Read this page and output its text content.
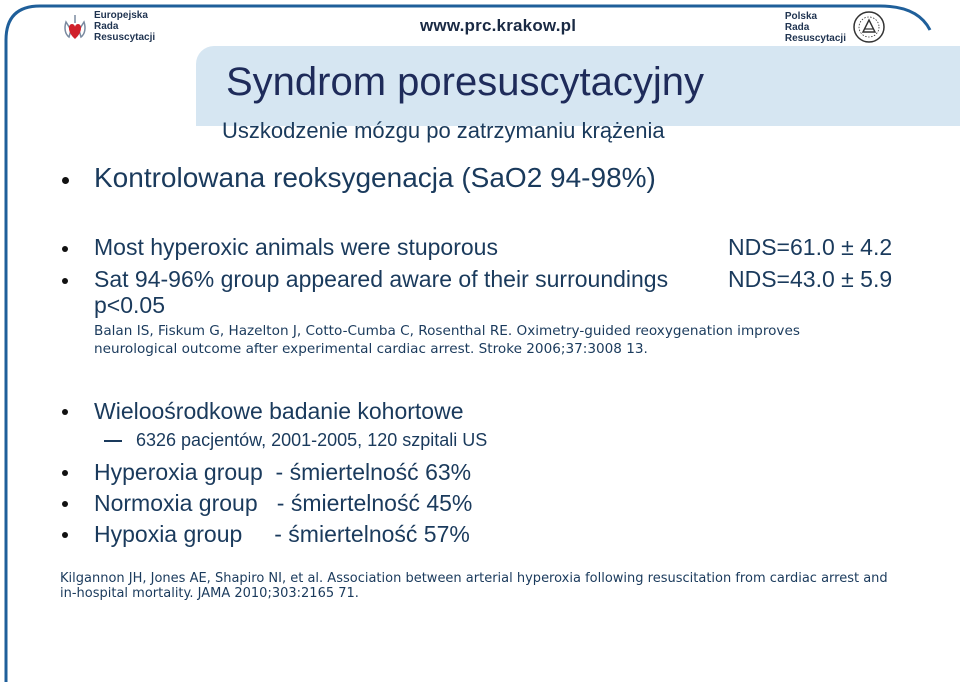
Europejska
Rada
Resuscytacji
www.prc.krakow.pl	Polska
Rada
Resuscytacji
Syndrom poresuscytacyjny
Uszkodzenie mózgu po zatrzymaniu krążenia
Kontrolowana reoksygenacja (SaO2 94-98%)
Most hyperoxic animals were stuporous	NDS=61.0 ± 4.2
Sat 94-96% group appeared aware of their surroundings	NDS=43.0 ± 5.9
p<0.05
Balan IS, Fiskum G, Hazelton J, Cotto-Cumba C, Rosenthal RE. Oximetry-guided reoxygenation improves neurological outcome after experimental cardiac arrest. Stroke 2006;37:3008 13.
Wieloośrodkowe badanie kohortowe
6326 pacjentów, 2001-2005, 120 szpitali US
Hyperoxia group  - śmiertelność 63%
Normoxia group   - śmiertelność 45%
Hypoxia group     - śmiertelność 57%
Kilgannon JH, Jones AE, Shapiro NI, et al. Association between arterial hyperoxia following resuscitation from cardiac arrest and in-hospital mortality. JAMA 2010;303:2165 71.
